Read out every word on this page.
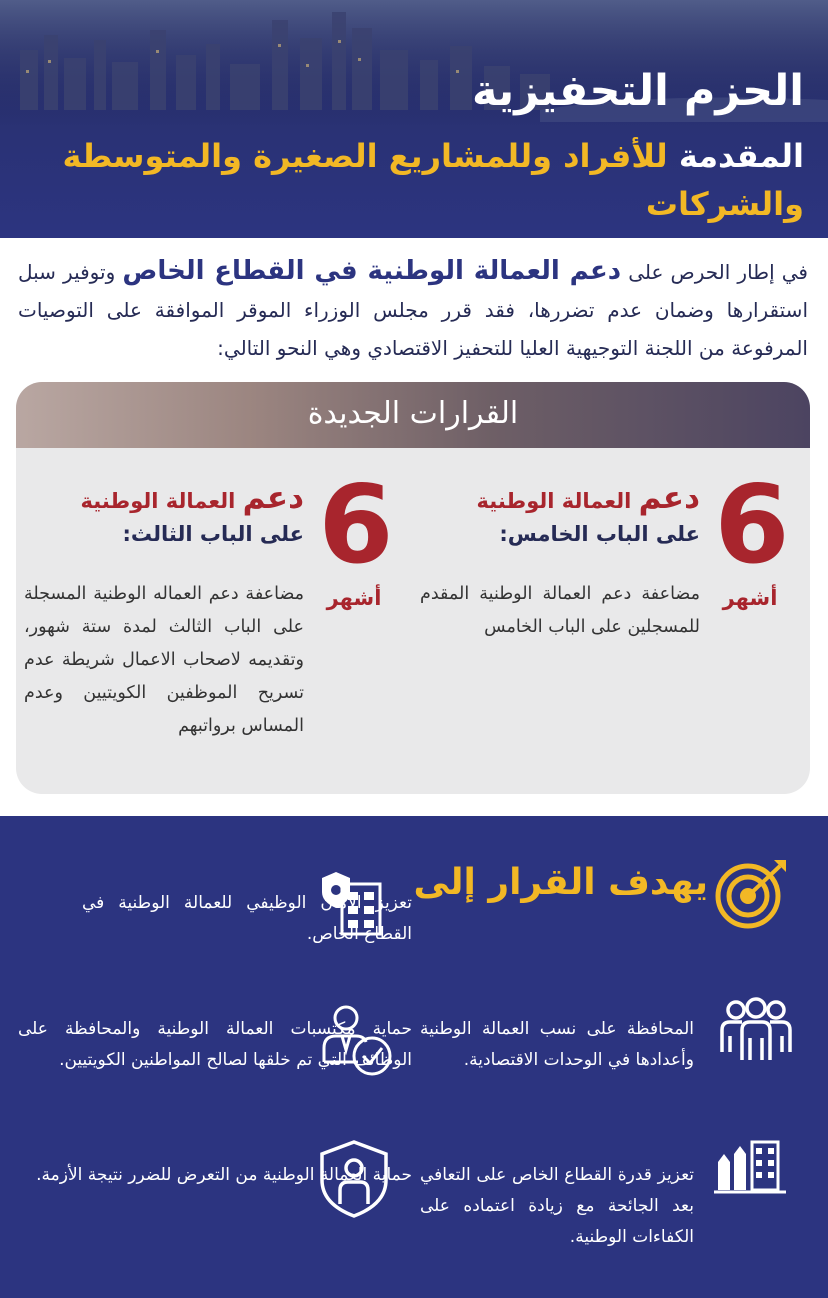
الحزم التحفيزية
المقدمة للأفراد وللمشاريع الصغيرة والمتوسطة والشركات
في إطار الحرص على دعم العمالة الوطنية في القطاع الخاص وتوفير سبل استقرارها وضمان عدم تضررها، فقد قرر مجلس الوزراء الموقر الموافقة على التوصيات المرفوعة من اللجنة التوجيهية العليا للتحفيز الاقتصادي وهي النحو التالي:
القرارات الجديدة
6
أشهر
دعم العمالة الوطنية
على الباب الخامس:
مضاعفة دعم العمالة الوطنية المقدم للمسجلين على الباب الخامس
6
أشهر
دعم العمالة الوطنية
على الباب الثالث:
مضاعفة دعم العماله الوطنية المسجلة على الباب الثالث لمدة ستة شهور، وتقديمه لاصحاب الاعمال شريطة عدم تسريح الموظفين الكويتيين وعدم المساس برواتبهم
يهدف القرار إلى
تعزيز الأمان الوظيفي للعمالة الوطنية في القطاع الخاص.
المحافظة على نسب العمالة الوطنية وأعدادها في الوحدات الاقتصادية.
حماية مكتسبات العمالة الوطنية والمحافظة على الوظائف التي تم خلقها لصالح المواطنين الكويتيين.
تعزيز قدرة القطاع الخاص على التعافي بعد الجائحة مع زيادة اعتماده على الكفاءات الوطنية.
حماية العمالة الوطنية من التعرض للضرر نتيجة الأزمة.
